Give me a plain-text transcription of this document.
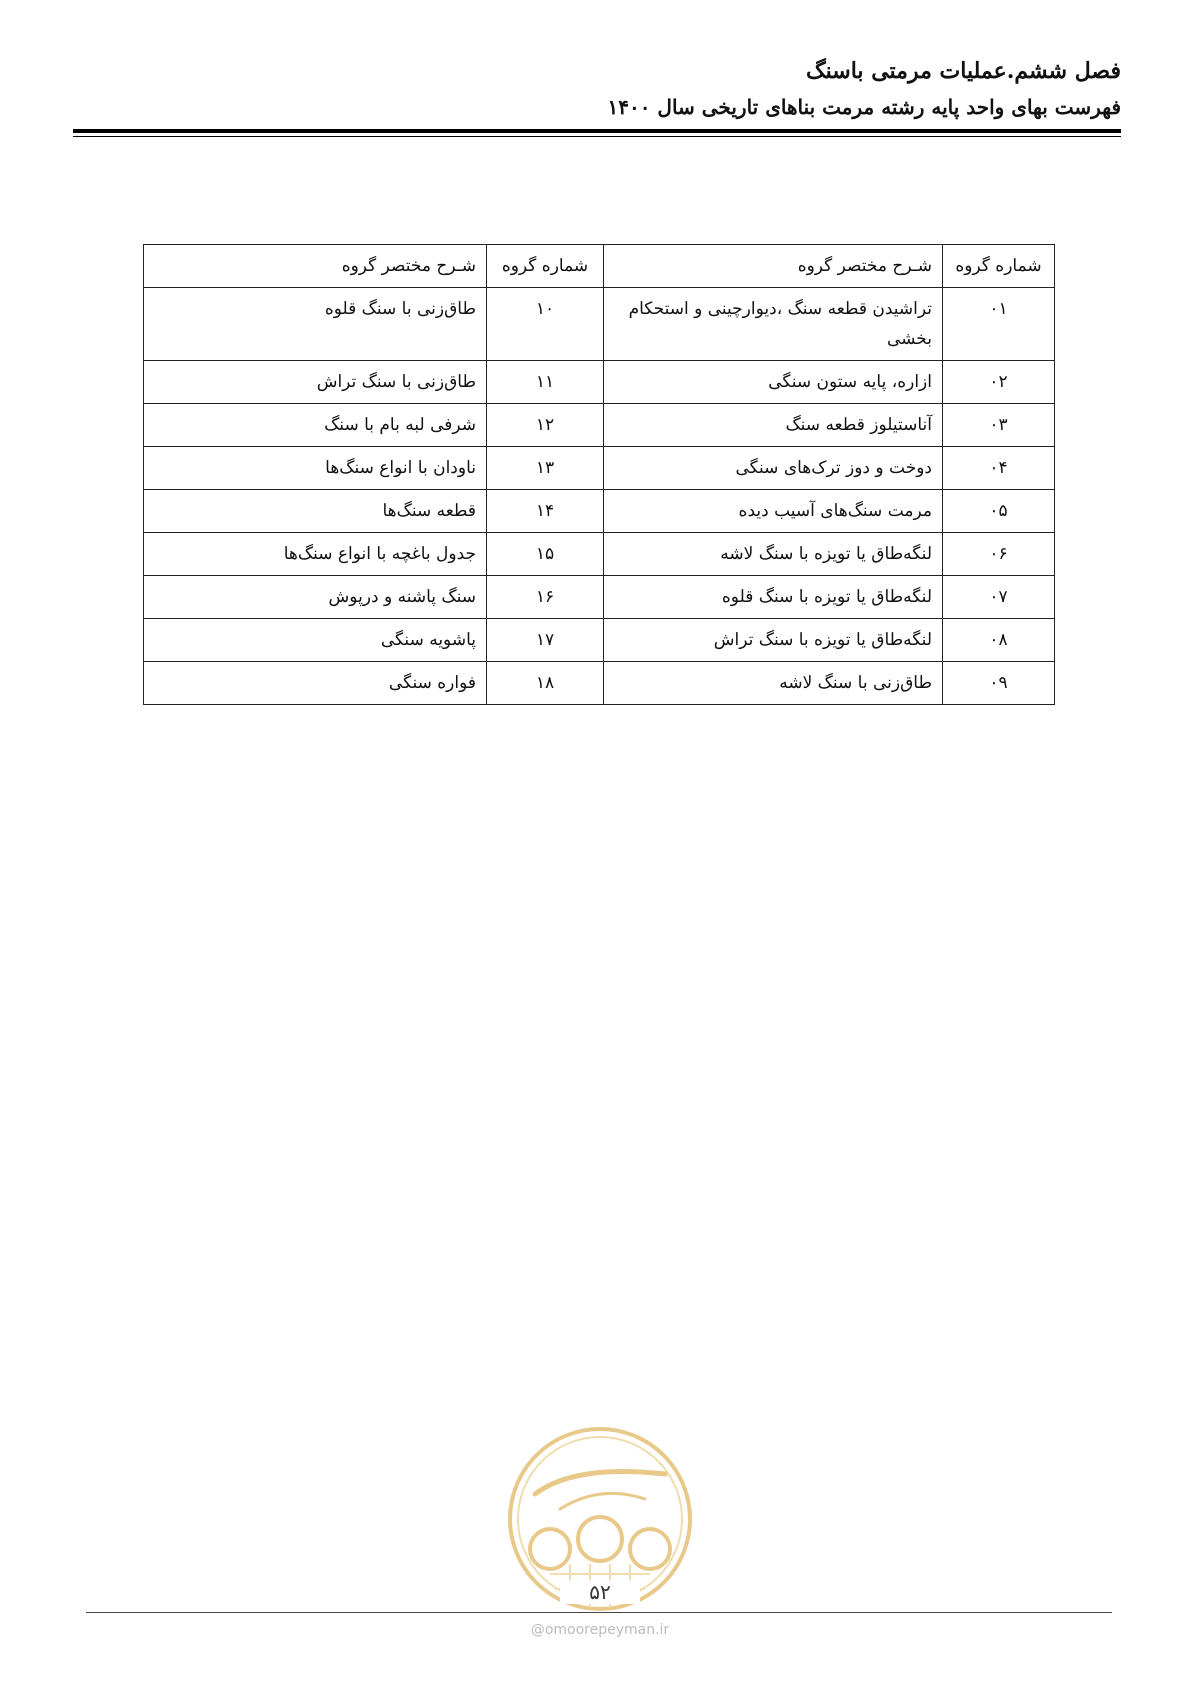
فصل ششم.عملیات مرمتی باسنگ
فهرست بهای واحد پایه رشته مرمت بناهای تاریخی سال ۱۴۰۰
شماره گروه	شـرح مختصر گروه	شماره گروه	شـرح مختصر گروه
۰۱	تراشیدن قطعه سنگ ،دیوارچینی و استحکام بخشی	۱۰	طاق‌زنی با سنگ قلوه
۰۲	ازاره، پایه ستون سنگی	۱۱	طاق‌زنی با سنگ تراش
۰۳	آناستیلوز قطعه سنگ	۱۲	شرفی لبه بام با سنگ
۰۴	دوخت و دوز ترک‌های سنگی	۱۳	ناودان با انواع سنگ‌ها
۰۵	مرمت سنگ‌های آسیب دیده	۱۴	قطعه سنگ‌ها
۰۶	لنگه‌طاق یا تویزه با سنگ لاشه	۱۵	جدول باغچه با انواع سنگ‌ها
۰۷	لنگه‌طاق یا تویزه با سنگ قلوه	۱۶	سنگ پاشنه و درپوش
۰۸	لنگه‌طاق یا تویزه با سنگ تراش	۱۷	پاشویه سنگی
۰۹	طاق‌زنی با سنگ لاشه	۱۸	فواره سنگی
۵۲
@omoorepeyman.ir
